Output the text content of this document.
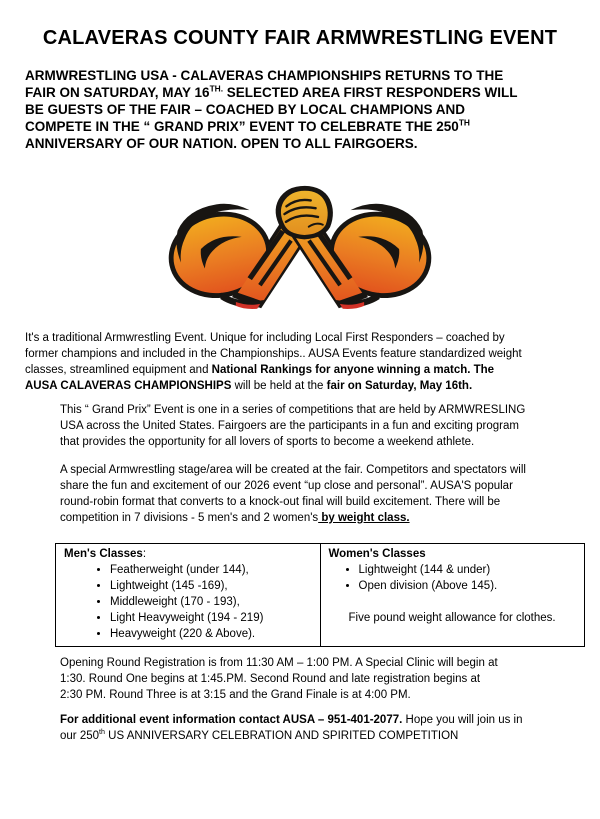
CALAVERAS COUNTY FAIR ARMWRESTLING EVENT

ARMWRESTLING USA - CALAVERAS CHAMPIONSHIPS RETURNS TO THE
FAIR ON SATURDAY, MAY $16^{TH.}$ SELECTED AREA FIRST RESPONDERS WILL
BE GUESTS OF THE FAIR – COACHED BY LOCAL CHAMPIONS AND
COMPETE IN THE “ GRAND PRIX” EVENT TO CELEBRATE THE 250TH
ANNIVERSARY OF OUR NATION. OPEN TO ALL FAIRGOERS.

It's a traditional Armwrestling Event. Unique for including Local First Responders – coached by
former champions and included in the Championships.. AUSA Events feature standardized weight
classes, streamlined equipment and National Rankings for anyone winning a match. The
AUSA CALAVERAS CHAMPIONSHIPS will be held at the fair on Saturday, May 16th.

This “ Grand Prix” Event is one in a series of competitions that are held by ARMWRESLING
USA across the United States. Fairgoers are the participants in a fun and exciting program
that provides the opportunity for all lovers of sports to become a weekend athlete.

A special Armwrestling stage/area will be created at the fair. Competitors and spectators will
share the fun and excitement of our 2026 event “up close and personal”. AUSA'S popular
round-robin format that converts to a knock-out final will build excitement. There will be
competition in 7 divisions - 5 men's and 2 women's by weight class.

Men's Classes:
• Featherweight (under 144),
• Lightweight (145 -169),
• Middleweight (170 - 193),
• Light Heavyweight (194 - 219)
• Heavyweight (220 & Above).

Women's Classes
• Lightweight (144 & under)
• Open division (Above 145).
Five pound weight allowance for clothes.

Opening Round Registration is from 11:30 AM – 1:00 PM. A Special Clinic will begin at
1:30. Round One begins at 1:45.PM. Second Round and late registration begins at
2:30 PM. Round Three is at 3:15 and the Grand Finale is at 4:00 PM.

For additional event information contact AUSA – 951-401-2077. Hope you will join us in
our 250th US ANNIVERSARY CELEBRATION AND SPIRITED COMPETITION
